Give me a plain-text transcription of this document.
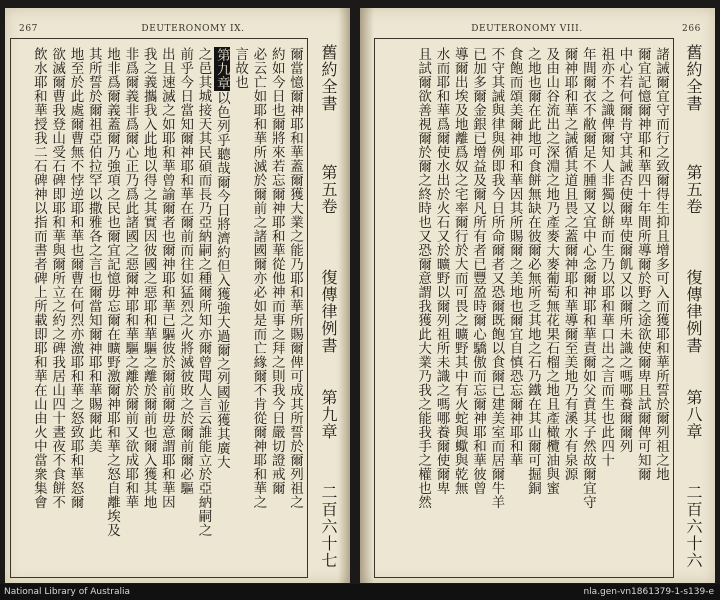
267	DEUTERONOMY IX.
爾當憶爾神耶和華蓋爾獲大業之能乃耶和華所賜爾俾可成其所誓於爾列祖之
約如今日也爾將來若忘爾神耶和華從他神而事之拜之則我今日嚴切證戒爾
必云亡如耶和華所滅於爾前之諸國爾亦必如是而亡緣爾不肯從爾神耶和華之
言故也
第九章以色列乎聽哉爾今日將濟約但入獲強大過爾之列國並獲其廣大
之邑其城接天其民碩而長乃亞納嗣之種爾所知亦爾曾聞人言云誰能立於亞納嗣之
前乎今日當知爾神耶和華在爾前而往如猛烈之火將滅彼敗之於爾前爾必驅
出且速滅之如耶和華曾諭爾者也爾神耶和華已驅彼於爾前爾毋意謂耶和華因
我之義攜我入此地以得之其實因彼國之惡耶和華驅之離於爾前也爾入獲其地
非爲爾義非爲爾心正乃爲此諸國之惡爾神耶和華驅之離於爾前又欲成耶和華
地非爲爾義蓋爾乃強項之民也爾宜記憶毋忘爾在曠野激爾神耶和華之怒自離埃及
其所誓於爾祖亞伯拉罕以撒雅各之言也爾當知爾神耶和華賜爾此美
地至於此處爾曹無不悖逆耶和華也爾曹在何烈亦激耶和華之怒致耶和華怒爾
欲滅爾曹我登山受石碑即耶和華與爾所立之約之碑我居山四十晝夜不食餅不
飲水耶和華授我二石碑神以指而書者碑上所載即耶和華在山由火中當衆集會	舊約全書
第五卷
復傳律例書
第九章
二百六十七
DEUTERONOMY VIII.	266
諸誡爾宜守而行之致爾得生抑且增多可入而獲耶和華所誓於爾列祖之地
爾宜記憶爾神耶和華四十年間所導爾於野之途欲使爾卑且試爾俾可知爾
中心若何爾肯守其誡否使爾卑使爾飢又以爾所未識之嗎哪養爾爾列
祖亦不之識俾爾知人非獨以餅而生乃以耶和華口出之言而生也此四十
年間爾衣不敝爾足不腫爾又宜中心念爾神耶和華責爾如父責其子然故爾宜守
爾神耶和華之誡循其道且畏之蓋爾神耶和華導爾至美地乃有溪水有泉源
及由山谷流出之深淵之地乃產麥大麥葡萄無花果石榴之地且產橄欖油與蜜
之地也爾在此地可食餅無缺在彼爾必無所乏其地之石乃鐵在其山爾可掘銅
食飽而頌美爾神耶和華因其所賜爾之美地也爾宜自慎恐忘爾神耶和華
不守其誡與律與例即我今日所命爾者又恐爾既飽以食爾已建美室而居爾牛羊
已加多爾金銀已增益及爾凡所有者已豐盈時爾心驕傲而忘爾神耶和華彼曾
導爾出埃及地離爲奴之宅率爾行於大而可畏之曠野其中有火蛇與蠍與乾無
水而耶和華爲爾使水出於火石又於曠野以爾列祖所未識之嗎哪養爾使爾卑
且試爾欲善視爾於爾之終時也又恐爾意謂我獲此大業乃我之能我手之權也然	舊約全書
第五卷
復傳律例書
第八章
二百六十六
National Library of Australia	nla.gen-vn1861379-1-s139-e
